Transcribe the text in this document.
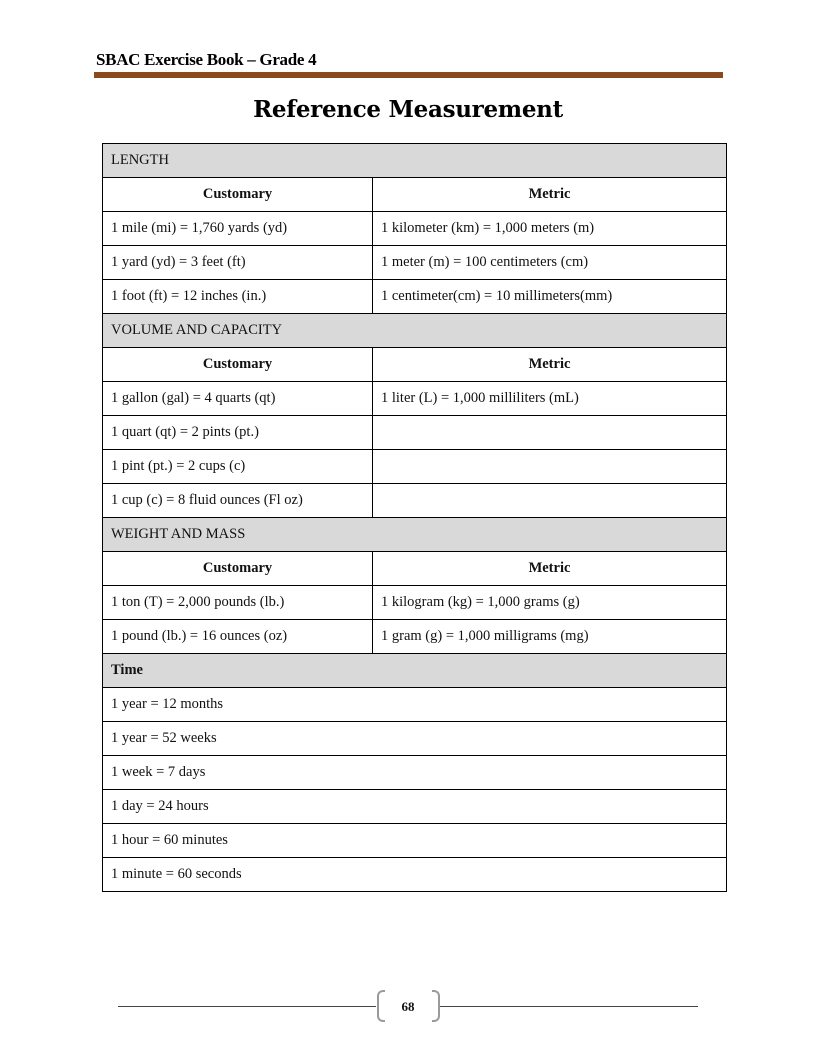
SBAC Exercise Book – Grade 4
Reference Measurement
LENGTH	
Customary	Metric
1 mile (mi) = 1,760 yards (yd)	1 kilometer (km) = 1,000 meters (m)
1 yard (yd) = 3 feet (ft)	1 meter (m) = 100 centimeters (cm)
1 foot (ft) = 12 inches (in.)	1 centimeter(cm) = 10 millimeters(mm)
VOLUME AND CAPACITY	
Customary	Metric
1 gallon (gal) = 4 quarts (qt)	1 liter (L) = 1,000 milliliters (mL)
1 quart (qt) = 2 pints (pt.)	
1 pint (pt.) = 2 cups (c)	
1 cup (c) = 8 fluid ounces (Fl oz)	
WEIGHT AND MASS	
Customary	Metric
1 ton (T) = 2,000 pounds (lb.)	1 kilogram (kg) = 1,000 grams (g)
1 pound (lb.) = 16 ounces (oz)	1 gram (g) = 1,000 milligrams (mg)
Time	
1 year = 12 months	
1 year = 52 weeks	
1 week = 7 days	
1 day = 24 hours	
1 hour = 60 minutes	
1 minute = 60 seconds	
68
